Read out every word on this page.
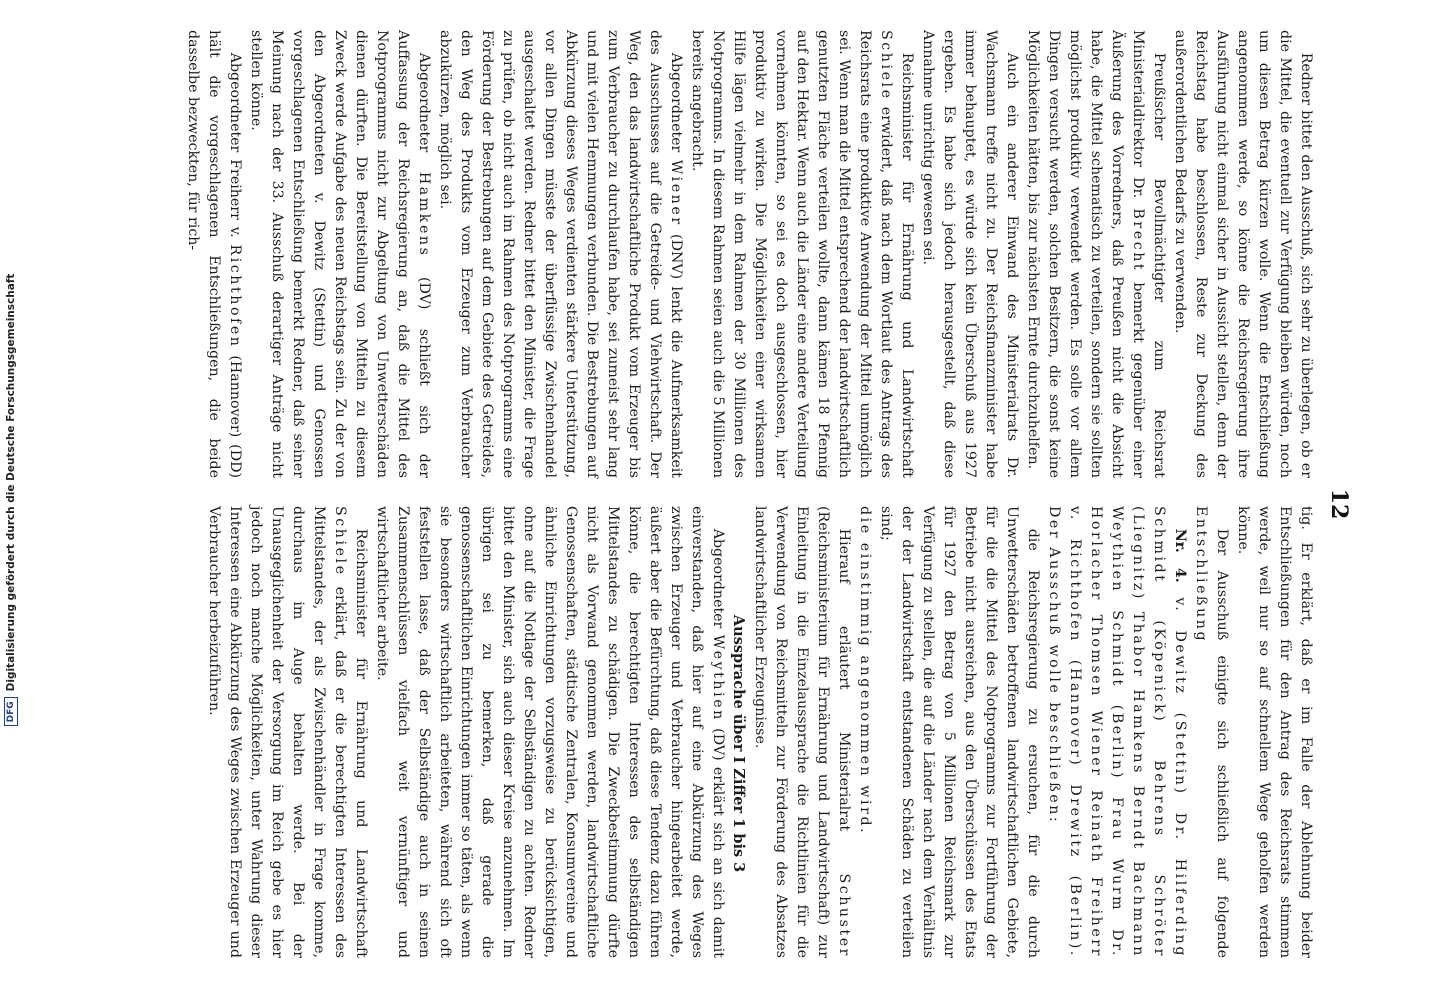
12

Redner bittet den Ausschuß, sich sehr zu überlegen, ob er die Mittel, die eventuell zur Verfügung bleiben würden, noch um diesen Betrag kürzen wolle. Wenn die Entschließung angenommen werde, so könne die Reichsregierung ihre Ausführung nicht einmal sicher in Aussicht stellen, denn der Reichstag habe beschlossen, Reste zur Deckung des außerordentlichen Bedarfs zu verwenden.

Preußischer Bevollmächtigter zum Reichsrat Ministerialdirektor Dr. Brecht bemerkt gegenüber einer Äußerung des Vorredners, daß Preußen nicht die Absicht habe, die Mittel schematisch zu verteilen, sondern sie sollten möglichst produktiv verwendet werden. Es solle vor allem Dingen versucht werden, solchen Besitzern, die sonst keine Möglichkeiten hätten, bis zur nächsten Ernte durchzuhelfen.

Auch ein anderer Einwand des Ministerialrats Dr. Wachsmann treffe nicht zu. Der Reichsfinanzminister habe immer behauptet, es würde sich kein Überschuß aus 1927 ergeben. Es habe sich jedoch herausgestellt, daß diese Annahme unrichtig gewesen sei.

Reichsminister für Ernährung und Landwirtschaft Schiele erwidert, daß nach dem Wortlaut des Antrags des Reichsrats eine produktive Anwendung der Mittel unmöglich sei. Wenn man die Mittel entsprechend der landwirtschaftlich genutzten Fläche verteilen wollte, dann kämen 18 Pfennig auf den Hektar. Wenn auch die Länder eine andere Verteilung vornehmen könnten, so sei es doch ausgeschlossen, hier produktiv zu wirken. Die Möglichkeiten einer wirksamen Hilfe lägen vielmehr in dem Rahmen der 30 Millionen des Notprogramms. In diesem Rahmen seien auch die 5 Millionen bereits angebracht.

Abgeordneter Wiener (DNV) lenkt die Aufmerksamkeit des Ausschusses auf die Getreide- und Viehwirtschaft. Der Weg, den das landwirtschaftliche Produkt vom Erzeuger bis zum Verbraucher zu durchlaufen habe, sei zumeist sehr lang und mit vielen Hemmungen verbunden. Die Bestrebungen auf Abkürzung dieses Weges verdienten stärkere Unterstützung, vor allen Dingen müsste der überflüssige Zwischenhandel ausgeschaltet werden. Redner bittet den Minister, die Frage zu prüfen, ob nicht auch im Rahmen des Notprogramms eine Förderung der Bestrebungen auf dem Gebiete des Getreides, den Weg des Produkts vom Erzeuger zum Verbraucher abzukürzen, möglich sei.

Abgeordneter Hamkens (DV) schließt sich der Auffassung der Reichsregierung an, daß die Mittel des Notprogramms nicht zur Abgeltung von Unwetterschäden dienen dürften. Die Bereitstellung von Mitteln zu diesem Zweck werde Aufgabe des neuen Reichstags sein. Zu der von den Abgeordneten v. Dewitz (Stettin) und Genossen vorgeschlagenen Entschließung bemerkt Redner, daß seiner Meinung nach der 33. Ausschuß derartiger Anträge nicht stellen könne.

Abgeordneter Freiherr v. Richthofen (Hannover) (DD) hält die vorgeschlagenen Entschließungen, die beide dasselbe bezweckten, für rich-

tig. Er erklärt, daß er im Falle der Ablehnung beider Entschließungen für den Antrag des Reichsrats stimmen werde, weil nur so auf schnellem Wege geholfen werden könne.

Der Ausschuß einigte sich schließlich auf folgende Entschließung

Nr. 4. v. Dewitz (Stettin) Dr. Hilferding Schmidt (Köpenick) Behrens Schröter (Liegnitz) Thabor Hamkens Berndt Bachmann Weythien Schmidt (Berlin) Frau Wurm Dr. Horlacher Thomsen Wiener Reinath Freiherr v. Richthofen (Hannover) Drewitz (Berlin). Der Ausschuß wolle beschließen:

die Reichsregierung zu ersuchen, für die durch Unwetterschäden betroffenen landwirtschaftlichen Gebiete, für die die Mittel des Notprogramms zur Fortführung der Betriebe nicht ausreichen, aus den Überschüssen des Etats für 1927 den Betrag von 5 Millionen Reichsmark zur Verfügung zu stellen, die auf die Länder nach dem Verhältnis der der Landwirtschaft entstandenen Schäden zu verteilen sind;

die einstimmig angenommen wird.

Hierauf erläutert Ministerialrat Schuster (Reichsministerium für Ernährung und Landwirtschaft) zur Einleitung in die Einzelaussprache die Richtlinien für die Verwendung von Reichsmitteln zur Förderung des Absatzes landwirtschaftlicher Erzeugnisse.

Aussprache über I Ziffer 1 bis 3

Abgeordneter Weythien (DV) erklärt sich an sich damit einverstanden, daß hier auf eine Abkürzung des Weges zwischen Erzeuger und Verbraucher hingearbeitet werde, äußert aber die Befürchtung, daß diese Tendenz dazu führen könne, die berechtigten Interessen des selbständigen Mittelstandes zu schädigen. Die Zweckbestimmung dürfte nicht als Vorwand genommen werden, landwirtschaftliche Genossenschaften, städtische Zentralen, Konsumvereine und ähnliche Einrichtungen vorzugsweise zu berücksichtigen, ohne auf die Notlage der Selbständigen zu achten. Redner bittet den Minister, sich auch dieser Kreise anzunehmen. Im übrigen sei zu bemerken, daß gerade die genossenschaftlichen Einrichtungen immer so täten, als wenn sie besonders wirtschaftlich arbeiteten, während sich oft feststellen lasse, daß der Selbständige auch in seinen Zusammenschlüssen vielfach weit vernünftiger und wirtschaftlicher arbeite.

Reichsminister für Ernährung und Landwirtschaft Schiele erklärt, daß er die berechtigten Interessen des Mittelstandes, der als Zwischenhändler in Frage komme, durchaus im Auge behalten werde. Bei der Unausgeglichenheit der Versorgung im Reich gebe es hier jedoch noch manche Möglichkeiten, unter Wahrung dieser Interessen eine Abkürzung des Weges zwischen Erzeuger und Verbraucher herbeizuführen.

DFGDigitalisierung gefördert durch die Deutsche Forschungsgemeinschaft
